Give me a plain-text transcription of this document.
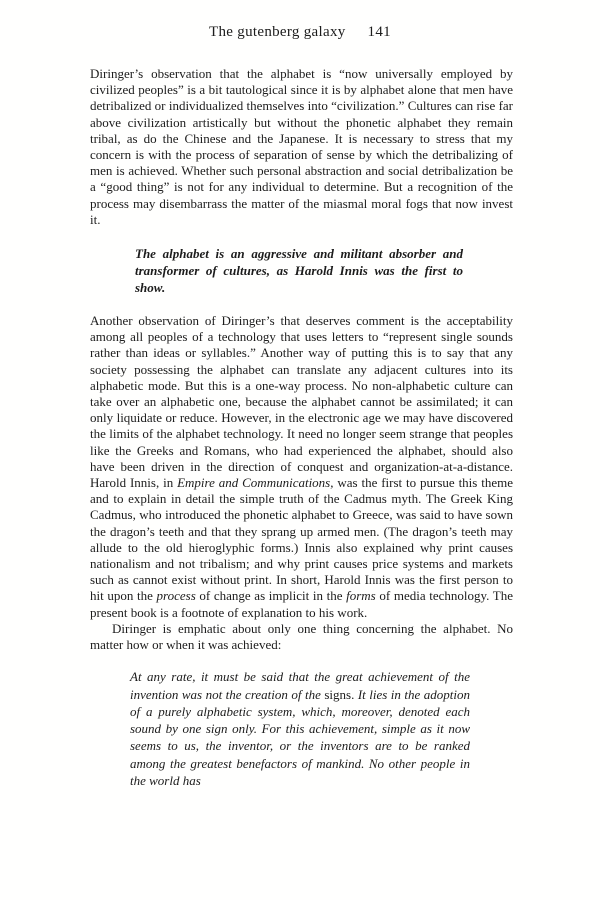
The gutenberg galaxy 141

Diringer’s observation that the alphabet is “now universally employed by civilized peoples” is a bit tautological since it is by alphabet alone that men have detribalized or individualized themselves into “civilization.” Cultures can rise far above civilization artistically but without the phonetic alphabet they remain tribal, as do the Chinese and the Japanese. It is necessary to stress that my concern is with the process of separation of sense by which the detribalizing of men is achieved. Whether such personal abstraction and social detribalization be a “good thing” is not for any individual to determine. But a recognition of the process may disembarrass the matter of the miasmal moral fogs that now invest it.

The alphabet is an aggressive and militant absorber and transformer of cultures, as Harold Innis was the first to show.

Another observation of Diringer’s that deserves comment is the acceptability among all peoples of a technology that uses letters to “represent single sounds rather than ideas or syllables.” Another way of putting this is to say that any society possessing the alphabet can translate any adjacent cultures into its alphabetic mode. But this is a one-way process. No non-alphabetic culture can take over an alphabetic one, because the alphabet cannot be assimilated; it can only liquidate or reduce. However, in the electronic age we may have discovered the limits of the alphabet technology. It need no longer seem strange that peoples like the Greeks and Romans, who had experienced the alphabet, should also have been driven in the direction of conquest and organization-at-a-distance. Harold Innis, in Empire and Communications, was the first to pursue this theme and to explain in detail the simple truth of the Cadmus myth. The Greek King Cadmus, who introduced the phonetic alphabet to Greece, was said to have sown the dragon’s teeth and that they sprang up armed men. (The dragon’s teeth may allude to the old hieroglyphic forms.) Innis also explained why print causes nationalism and not tribalism; and why print causes price systems and markets such as cannot exist without print. In short, Harold Innis was the first person to hit upon the process of change as implicit in the forms of media technology. The present book is a footnote of explanation to his work.

Diringer is emphatic about only one thing concerning the alphabet. No matter how or when it was achieved:

At any rate, it must be said that the great achievement of the invention was not the creation of the signs. It lies in the adoption of a purely alphabetic system, which, moreover, denoted each sound by one sign only. For this achievement, simple as it now seems to us, the inventor, or the inventors are to be ranked among the greatest benefactors of mankind. No other people in the world has
